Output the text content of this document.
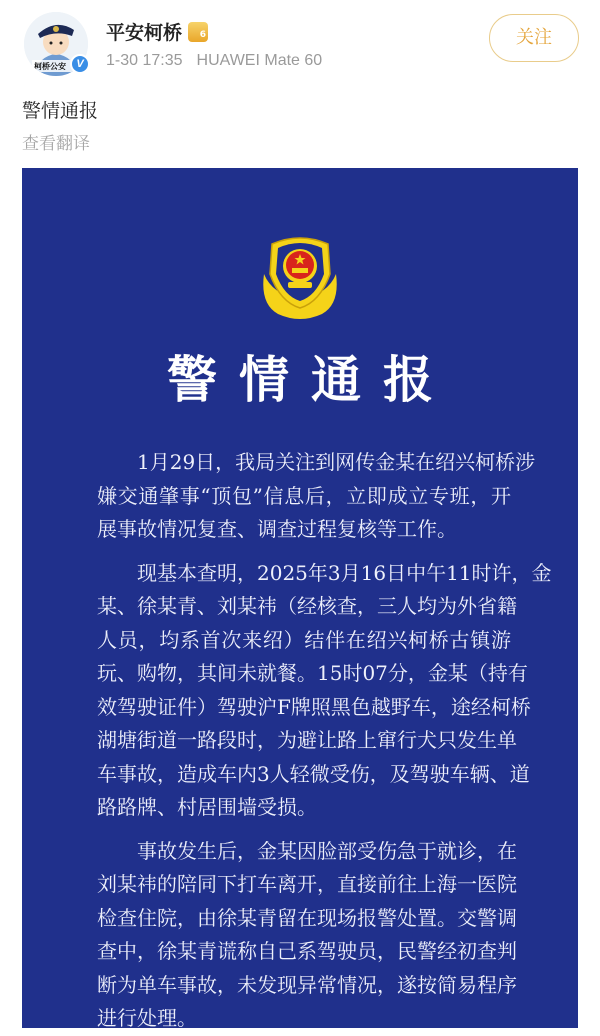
柯桥公安 V
平安柯桥	6
1-30 17:35 HUAWEI Mate 60
关注
警情通报
查看翻译
警情通报
1月29日，我局关注到网传金某在绍兴柯桥涉
嫌交通肇事“顶包”信息后，立即成立专班，开
展事故情况复查、调查过程复核等工作。
现基本查明，2025年3月16日中午11时许，金
某、徐某青、刘某祎（经核查，三人均为外省籍
人员，均系首次来绍）结伴在绍兴柯桥古镇游
玩、购物，其间未就餐。15时07分，金某（持有
效驾驶证件）驾驶沪F牌照黑色越野车，途经柯桥
湖塘街道一路段时，为避让路上窜行犬只发生单
车事故，造成车内3人轻微受伤，及驾驶车辆、道
路路牌、村居围墙受损。
事故发生后，金某因脸部受伤急于就诊，在
刘某祎的陪同下打车离开，直接前往上海一医院
检查住院，由徐某青留在现场报警处置。交警调
查中，徐某青谎称自己系驾驶员，民警经初查判
断为单车事故，未发现异常情况，遂按简易程序
进行处理。
